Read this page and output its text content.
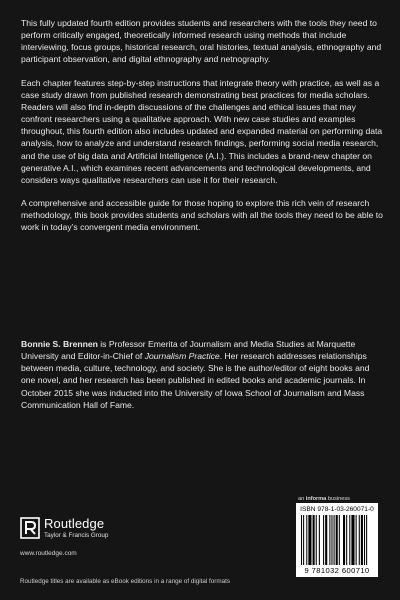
This fully updated fourth edition provides students and researchers with the tools they need to perform critically engaged, theoretically informed research using methods that include interviewing, focus groups, historical research, oral histories, textual analysis, ethnography and participant observation, and digital ethnography and netnography.

Each chapter features step-by-step instructions that integrate theory with practice, as well as a case study drawn from published research demonstrating best practices for media scholars. Readers will also find in-depth discussions of the challenges and ethical issues that may confront researchers using a qualitative approach. With new case studies and examples throughout, this fourth edition also includes updated and expanded material on performing data analysis, how to analyze and understand research findings, performing social media research, and the use of big data and Artificial Intelligence (A.I.). This includes a brand-new chapter on generative A.I., which examines recent advancements and technological developments, and considers ways qualitative researchers can use it for their research.

A comprehensive and accessible guide for those hoping to explore this rich vein of research methodology, this book provides students and scholars with all the tools they need to be able to work in today’s convergent media environment.

Bonnie S. Brennen is Professor Emerita of Journalism and Media Studies at Marquette University and Editor-in-Chief of Journalism Practice. Her research addresses relationships between media, culture, technology, and society. She is the author/editor of eight books and one novel, and her research has been published in edited books and academic journals. In October 2015 she was inducted into the University of Iowa School of Journalism and Mass Communication Hall of Fame.
Routledge
Taylor & Francis Group
www.routledge.com
Routledge titles are available as eBook editions in a range of digital formats
an informa business
ISBN 978-1-03-260071-0
9 781032 600710
